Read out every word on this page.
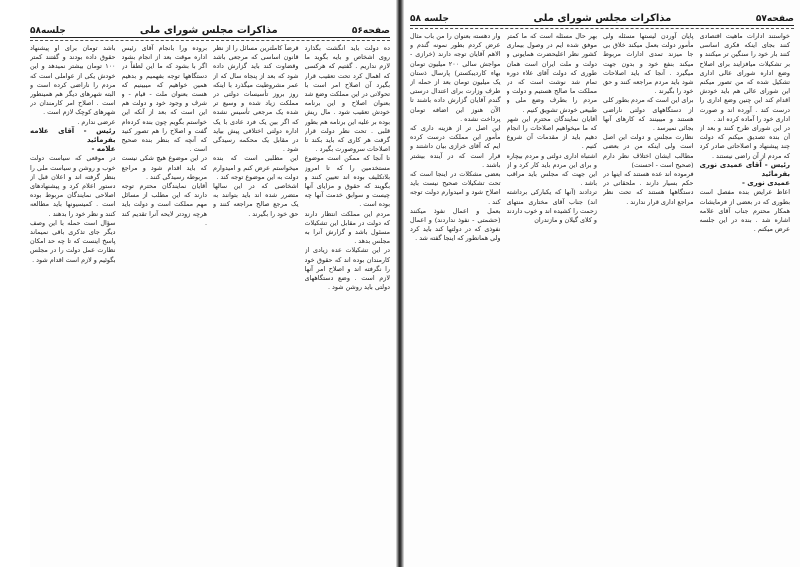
صفحه۵۶
مذاکرات مجلس شورای ملی
جلسه۵۸

ده دولت باید انگشت بگذارد روی اشخاص و بایه بگوید ما لازم نداریم . گفتیم که هرکسی که اهمال کرد تحت تعقیب قرار بگیرد آن اصلاح امر است با تحولاتی در این مملکت وضع شد بعنوان اصلاح و این برنامه خودش تعقیب شود . مال ریش بوده بر علیه این برنامه هم بطور قلبی . تحت نظر دولت قرار گرفت هر کاری که باید بکند تا اصلاحات سروصورت بگیرد .

تا آنجا که ممکن است موضوع مستخدمین را که تا امروز بلاتکلیف بوده اند تعیین کنند و بگویند که حقوق و مزایای آنها چیست و سوابق خدمت آنها چه بوده است .

مردم این مملکت انتظار دارند که دولت در مقابل این تشکیلات مسئول باشد و گزارش آنرا به مجلس بدهد .

در این تشکیلات عده زیادی از کارمندان بوده اند که حقوق خود را نگرفته اند و اصلاح امر آنها لازم است . وضع دستگاههای دولتی باید روشن شود .

قرضاً کاملترین مسائل را از نظر قانون اساسی که مرجعی باشد وقضاوت کند باید گزارش داده شود که بعد از پنجاه سال که از عمر مشروطیت میگذرد با اینکه روز بروز تأسیسات دولتی در مملکت زیاد شده و وسیع تر شده یک مرجعی تأسیس نشده که اگر بین یک فرد عادی با یک اداره دولتی اختلافی پیش بیاید در مقابل یک محکمه رسیدگی شود .

این مطلبی است که بنده میخواستم عرض کنم و امیدوارم دولت به این موضوع توجه کند .

اشخاصی که در این سالها متضرر شده اند باید بتوانند به یک مرجع صالح مراجعه کنند و حق خود را بگیرند .

بروده ورا بانجام آقای رئیس اداره موقت بعد از انجام بشود اگر با بشود که ما این لطفاً در دستگاهها توجه بفهمیم و بدهیم همین خواهیم که میبینیم که هست بعنوان ملت - قیام - و شرف و وجود خود و دولت هم این است که بعد از آنکه این خواستم بگویم چون بنده کرده‌ام گفت و اصلاح را هم تصور کنید که آنچه که بنظر بنده صحیح است .

در این موضوع هیچ شکی نیست که باید اقدام شود و مراجع مربوطه رسیدگی کنند .

آقایان نمایندگان محترم توجه دارند که این مطلب از مسائل مهم مملکت است و دولت باید هرچه زودتر لایحه آنرا تقدیم کند .

باشد تومان برای او پیشنهاد حقوق داده بودند و گفتند کمتر ۱۰۰ تومان بیشتر نمیدهد و این خودش یکی از عواملی است که مردم را ناراضی کرده است و البته شهرهای دیگر هم همینطور است . اصلاح امر کارمندان در شهرهای کوچک لازم است .

عرضی ندارم .

رئیس - آقای علامه بفرمائید

علامه -

در موقعی که سیاست دولت خوب و روشن و سیاست ملی را بنظر گرفته اند و اعلان قبل از دستور اعلام کرد و پیشنهادهای اصلاحی نمایندگان مربوط بوده است . کمیسیونها باید مطالعه کنند و نظر خود را بدهند .

سؤال است حمله با این وصف دیگر جای تذکری باقی نمیماند پاسخ اینست که تا چه حد امکان نظارت عمل دولت را در مجلس بگوئیم و لازم است اقدام شود .

صفحه۵۷
مذاکرات مجلس شورای ملی
جلسه ۵۸

خواستند ادارات ماهیت اقتصادی کنند بجای اینکه فکری اساسی کنند بار خود را سنگین تر میکنند و بر تشکیلات میافزایند برای اصلاح وضع اداره شورای عالی اداری تشکیل شده که من تصور میکنم این شورای عالی هم باید خودش اقدام کند این چنین وضع اداری را درست کند . آورده اند و صورت اداری خود را آماده کرده اند .

در این شورای طرح کنند و بعد از آن بنده تصدیق میکنم که دولت چند پیشنهاد و اصلاحاتی صادر کرد که مردم از آن راضی نیستند .

رئیس - آقای عمیدی نوری بفرمائید

عمیدی نوری -

اعاظ عرایض بنده مفصل است بطوری که در بعضی از فرمایشات همکار محترم جناب آقای علامه اشاره شد . بنده در این جلسه عرض میکنم .

پایان آوردن لیستها مسئله ولی مأمور دولت بعمل میکند خلاق بی جا میزند تمدی ادارات مربوط میکند بنفع خود و بدون جهت میگیرد . آنجا که باید اصلاحات شود باید مردم مراجعه کنند و حق خود را بگیرند .

برای این است که مردم بطور کلی از دستگاههای دولتی ناراضی هستند و میبینند که کارهای آنها بجائی نمیرسد .

نظارت مجلس و دولت این اصل است ولی اینکه من در بعضی مطالب ایشان اختلاف نظر دارم (صحیح است - احسنت)

فرموده اند عده هستند که اینها در حکم بسیار دارند . ملحقاتی در دستگاهها هستند که تحت نظر مراجع اداری قرار ندارند .

بهر حال مسئله است که ما کمتر موفق شده ایم در وصول بیماری کشور نظر اعلیحضرت همایونی و دولت و ملت ایران است همان طوری که دولت آقای علاء دوره تمام شد نوشت است که در مملکت ما صالح هستیم و دولت و مردم را بطرف وضع ملی و طبیعی خودش تشویق کنیم .

آقایان نمایندگان محترم این شهر که ما میخواهیم اصلاحات را انجام دهیم باید از مقدمات آن شروع کنیم .

اشتباه اداری دولتی و مردم بیچاره و برای این مردم باید کار کرد و از این جهت که مجلس باید مراقب باشد .

تردادند (آنها که یکبارکی برداشته اند) جناب آقای مختاری منتهای زحمت را کشیده اند و خوب داردند و کلای گیلان و مازندران

وار دهسته بعنوان را من باب مثال عرض کردم بطور نمونه گندم و الاهم آقایان توجه دارند (خرازی - مواجش سالی ۲۰۰ میلیون تومان بهاء کاردیبکستر) پارسال ذستان یک میلیون تومان بعد از حمله از طرف وزارت برای اعتدال درستی گندم آقایان گزارش داده باشند تا الآن هنوز این اضافه تومان پرداخت نشده .

این اصل تر از هزینه داری که مأمور این مملکت درست کرده ایم که آقای خرازی بیان داشتند و قرار است که در آینده بیشتر باشند .

بعضی مشکلات در اینجا است که تحت تشکیلات صحیح نیست باید اصلاح شود و امیدوارم دولت توجه کند .

بعمل و اعمال نفوذ میکنند (حشمتی - نفوذ نداردند) و اعمال نفوذی که در دولتها کند باید کرد ولی همانطور که اینجا گفته شد .
